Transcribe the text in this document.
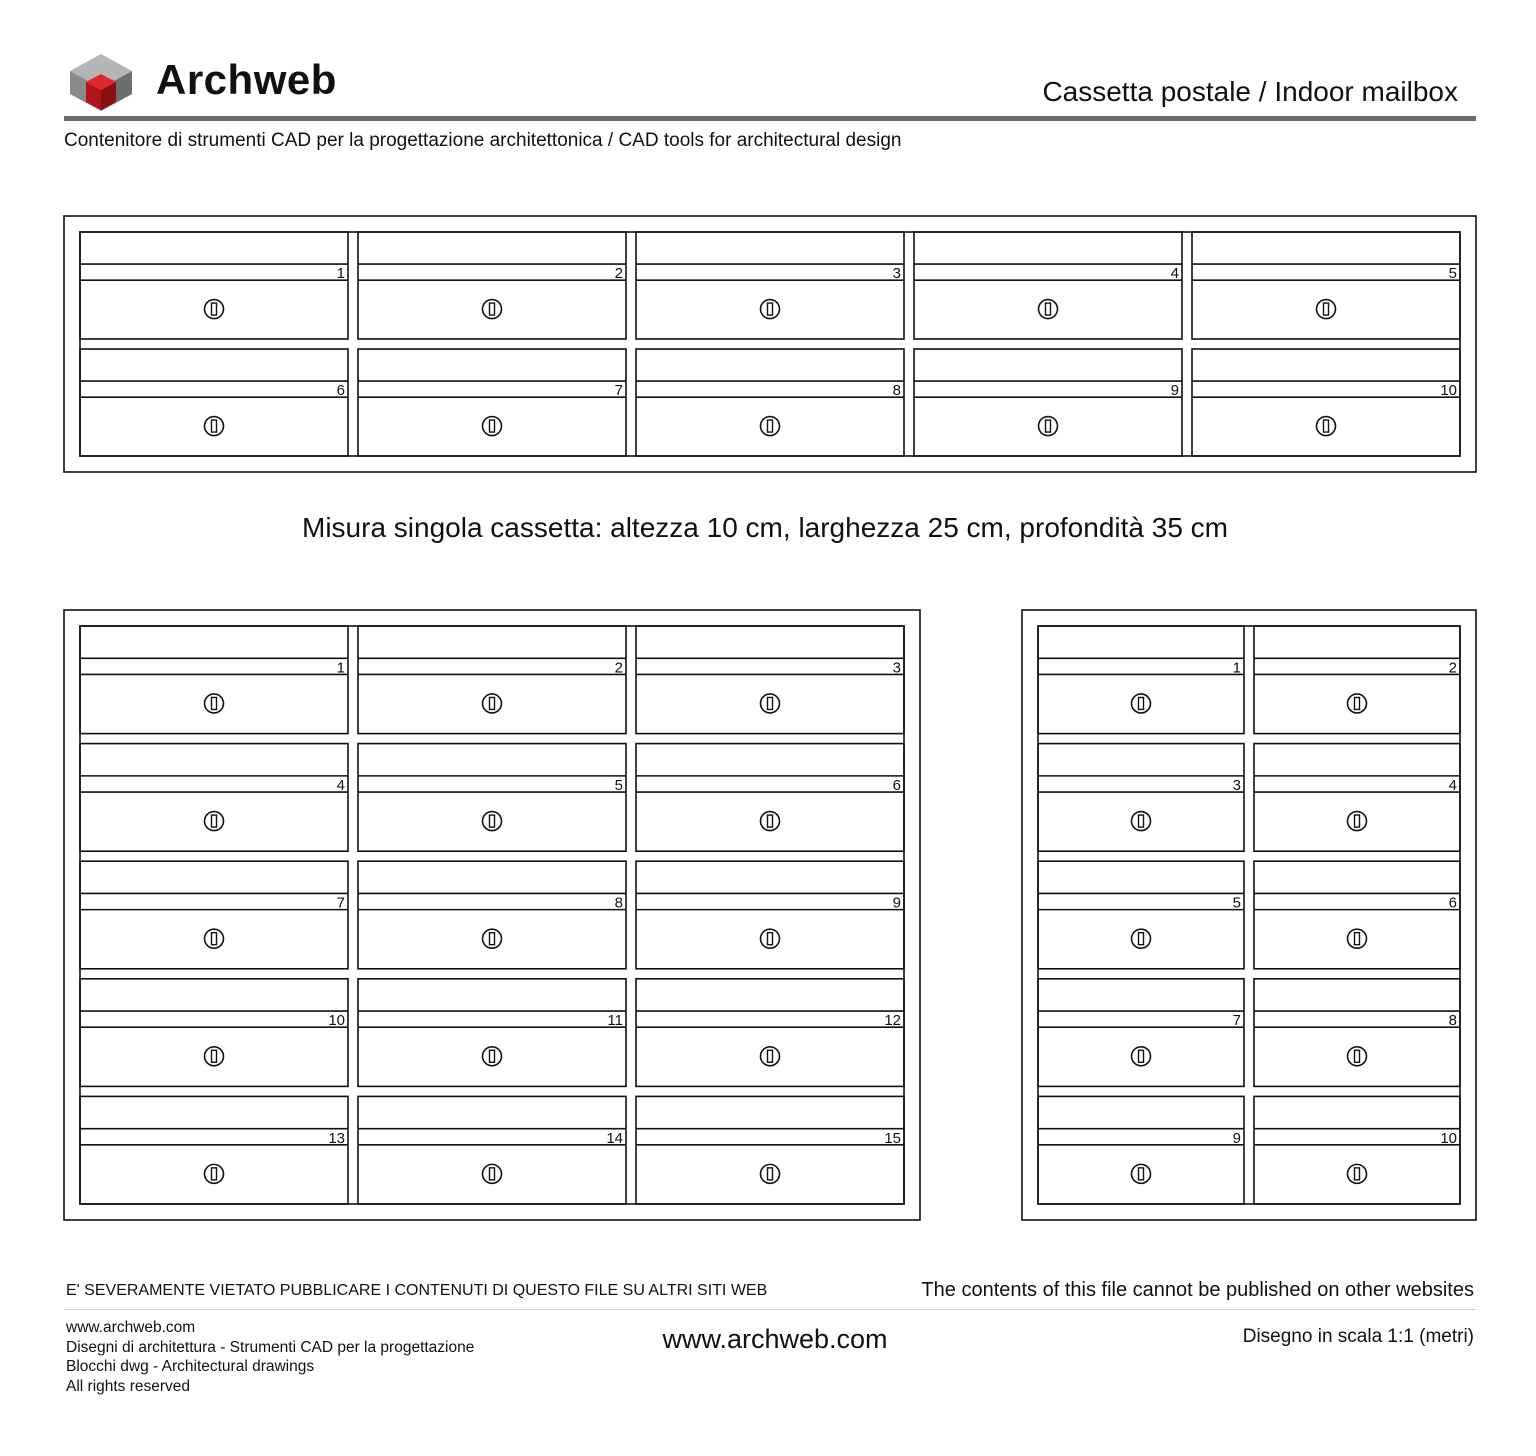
1	2	3	4	5
6	7	8	9	10
1	2	3
4	5	6
7	8	9
10	11	12
13	14	15
1	2
3	4
5	6
7	8
9	10
Archweb	Cassetta postale / Indoor mailbox
Contenitore di strumenti CAD per la progettazione architettonica / CAD tools for architectural design
Misura singola cassetta: altezza 10 cm, larghezza 25 cm, profondità 35 cm
E' SEVERAMENTE VIETATO PUBBLICARE I CONTENUTI DI QUESTO FILE SU ALTRI SITI WEB	The contents of this file cannot be published on other websites
www.archweb.com
Disegni di architettura - Strumenti CAD per la progettazione
Blocchi dwg - Architectural drawings
All rights reserved
www.archweb.com	Disegno in scala 1:1 (metri)
